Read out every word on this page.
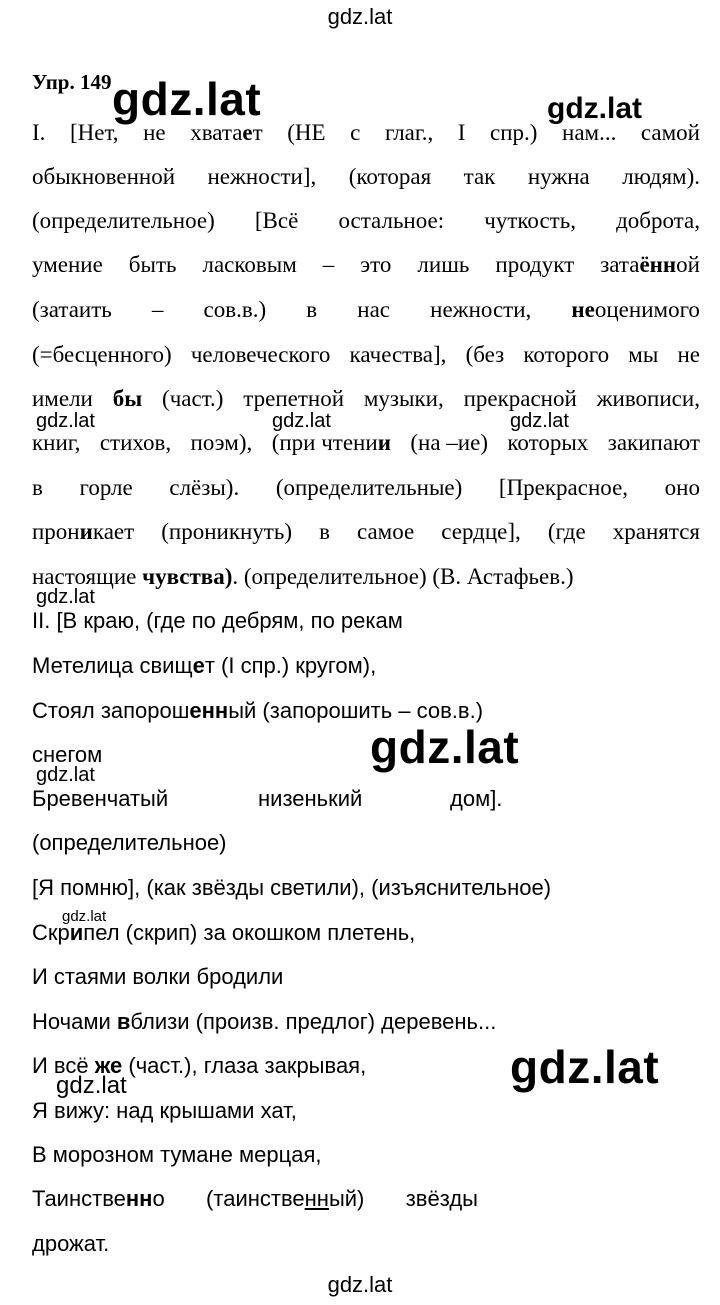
gdz.lat
gdz.lat
gdz.lat	gdz.lat
gdz.lat	gdz.lat	gdz.lat
gdz.lat
gdz.lat
gdz.lat
gdz.lat
gdz.lat
gdz.lat
Упр. 149
I. [Нет, не хватает (НЕ с глаг., I спр.) нам... самой
обыкновенной нежности], (которая так нужна людям).
(определительное) [Всё остальное: чуткость, доброта,
умение быть ласковым – это лишь продукт затаённой
(затаить – сов.в.) в нас нежности, неоценимого
(=бесценного) человеческого качества], (без которого мы не
имели бы (част.) трепетной музыки, прекрасной живописи,
книг, стихов, поэм), (при чтении (на –ие) которых закипают
в горле слёзы). (определительные) [Прекрасное, оно
проникает (проникнуть) в самое сердце], (где хранятся
настоящие чувства). (определительное) (В. Астафьев.)
II. [В краю, (где по дебрям, по рекам
Метелица свищет (I спр.) кругом),
Стоял запорошенный (запорошить – сов.в.)
снегом
Бревенчатый	низенький	дом].
(определительное)
[Я помню], (как звёзды светили), (изъяснительное)
Скрипел (скрип) за окошком плетень,
И стаями волки бродили
Ночами вблизи (произв. предлог) деревень...
И всё же (част.), глаза закрывая,
Я вижу: над крышами хат,
В морозном тумане мерцая,
Таинственно (таинственный) звёзды
дрожат.
